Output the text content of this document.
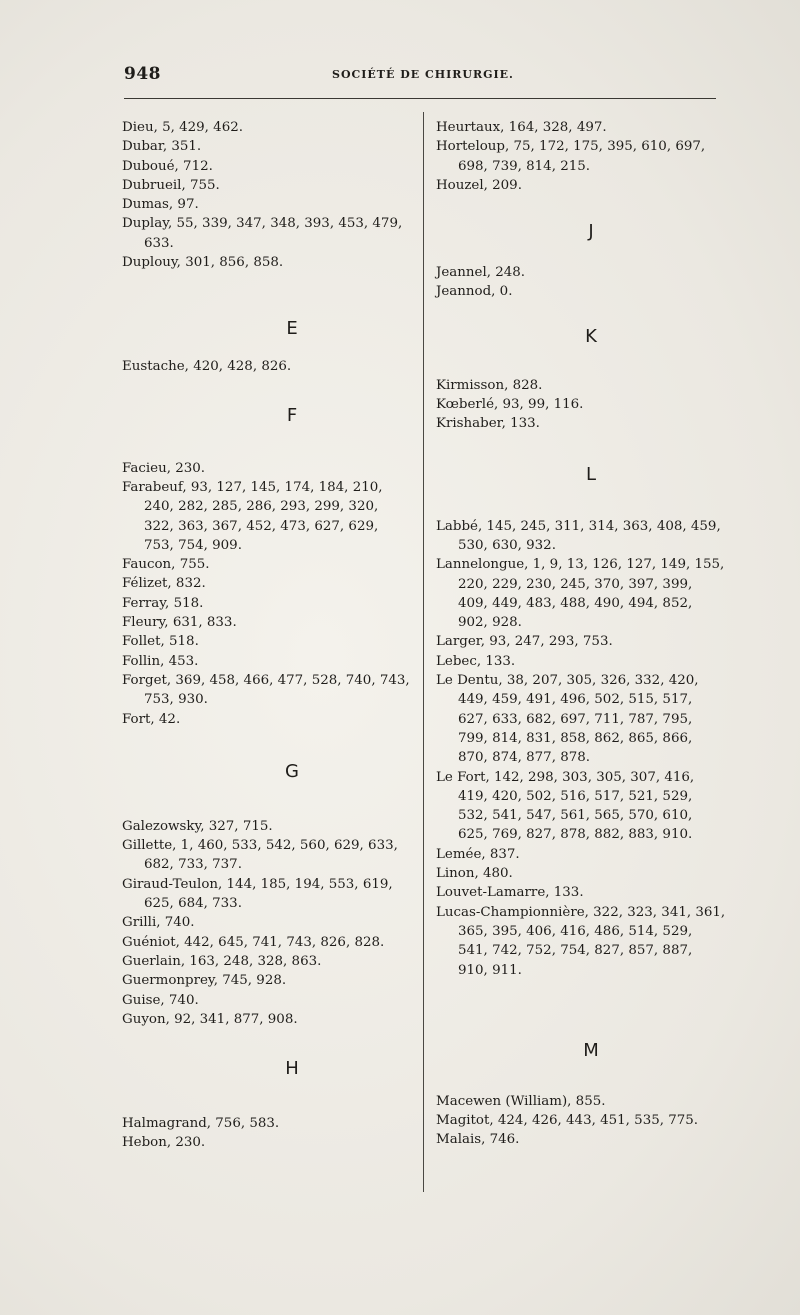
948	SOCIÉTÉ DE CHIRURGIE.

Dieu, 5, 429, 462.

Dubar, 351.

Duboué, 712.

Dubrueil, 755.

Dumas, 97.

Duplay, 55, 339, 347, 348, 393, 453, 479, 633.

Duplouy, 301, 856, 858.

E

Eustache, 420, 428, 826.

F

Facieu, 230.

Farabeuf, 93, 127, 145, 174, 184, 210, 240, 282, 285, 286, 293, 299, 320, 322, 363, 367, 452, 473, 627, 629, 753, 754, 909.

Faucon, 755.

Félizet, 832.

Ferray, 518.

Fleury, 631, 833.

Follet, 518.

Follin, 453.

Forget, 369, 458, 466, 477, 528, 740, 743, 753, 930.

Fort, 42.

G

Galezowsky, 327, 715.

Gillette, 1, 460, 533, 542, 560, 629, 633, 682, 733, 737.

Giraud-Teulon, 144, 185, 194, 553, 619, 625, 684, 733.

Grilli, 740.

Guéniot, 442, 645, 741, 743, 826, 828.

Guerlain, 163, 248, 328, 863.

Guermonprey, 745, 928.

Guise, 740.

Guyon, 92, 341, 877, 908.

H

Halmagrand, 756, 583.

Hebon, 230.

Heurtaux, 164, 328, 497.

Horteloup, 75, 172, 175, 395, 610, 697, 698, 739, 814, 215.

Houzel, 209.

J

Jeannel, 248.

Jeannod, 0.

K

Kirmisson, 828.

Kœberlé, 93, 99, 116.

Krishaber, 133.

L

Labbé, 145, 245, 311, 314, 363, 408, 459, 530, 630, 932.

Lannelongue, 1, 9, 13, 126, 127, 149, 155, 220, 229, 230, 245, 370, 397, 399, 409, 449, 483, 488, 490, 494, 852, 902, 928.

Larger, 93, 247, 293, 753.

Lebec, 133.

Le Dentu, 38, 207, 305, 326, 332, 420, 449, 459, 491, 496, 502, 515, 517, 627, 633, 682, 697, 711, 787, 795, 799, 814, 831, 858, 862, 865, 866, 870, 874, 877, 878.

Le Fort, 142, 298, 303, 305, 307, 416, 419, 420, 502, 516, 517, 521, 529, 532, 541, 547, 561, 565, 570, 610, 625, 769, 827, 878, 882, 883, 910.

Lemée, 837.

Linon, 480.

Louvet-Lamarre, 133.

Lucas-Championnière, 322, 323, 341, 361, 365, 395, 406, 416, 486, 514, 529, 541, 742, 752, 754, 827, 857, 887, 910, 911.

M

Macewen (William), 855.

Magitot, 424, 426, 443, 451, 535, 775.

Malais, 746.
